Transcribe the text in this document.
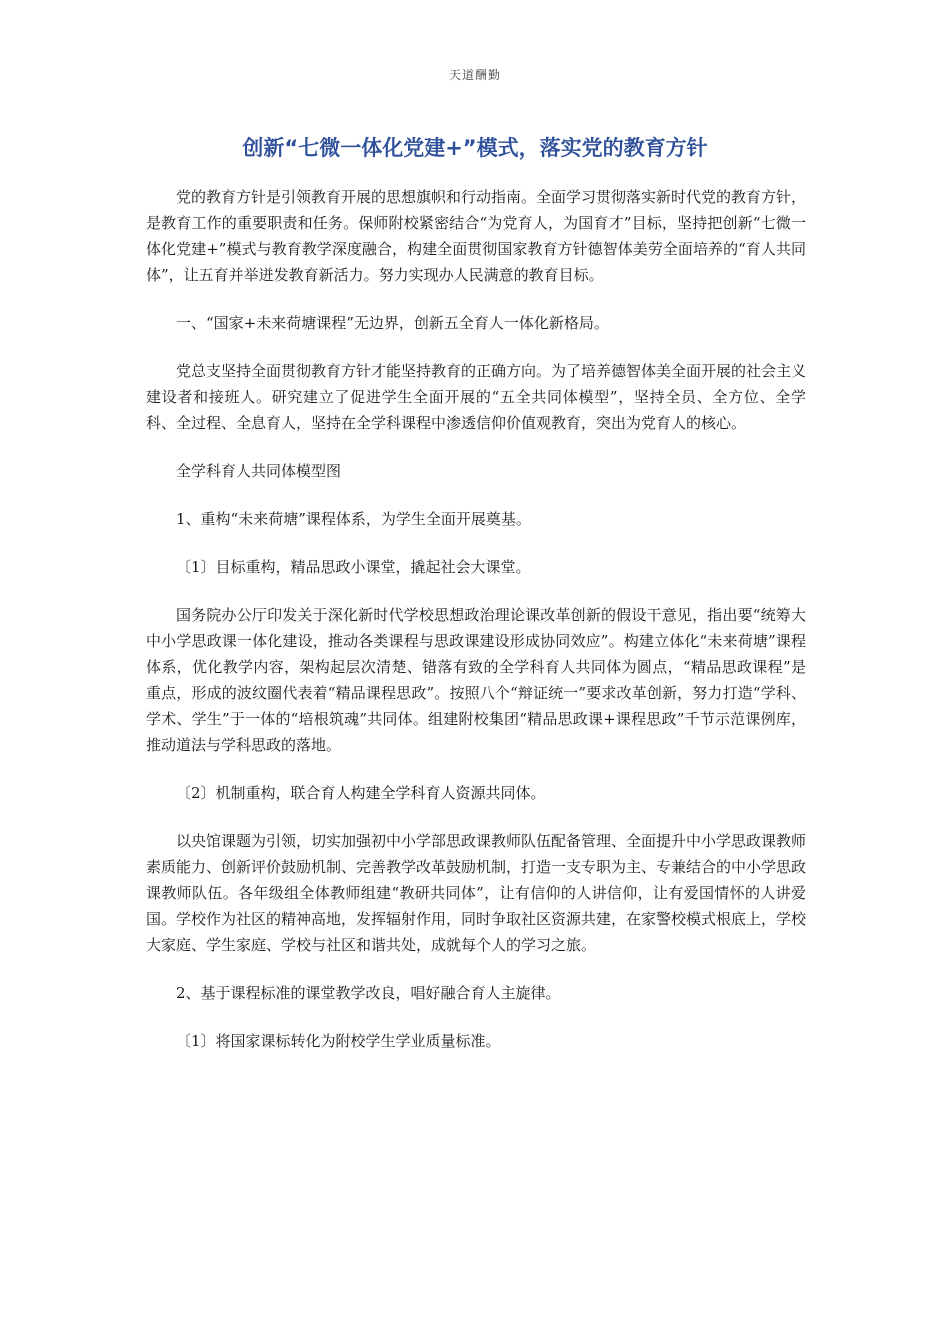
天道酬勤
创新“七微一体化党建+”模式，落实党的教育方针

党的教育方针是引领教育开展的思想旗帜和行动指南。全面学习贯彻落实新时代党的教育方针，是教育工作的重要职责和任务。保师附校紧密结合“为党育人，为国育才”目标，坚持把创新“七微一体化党建+”模式与教育教学深度融合，构建全面贯彻国家教育方针德智体美劳全面培养的“育人共同体”，让五育并举迸发教育新活力。努力实现办人民满意的教育目标。

一、“国家+未来荷塘课程”无边界，创新五全育人一体化新格局。

党总支坚持全面贯彻教育方针才能坚持教育的正确方向。为了培养德智体美全面开展的社会主义建设者和接班人。研究建立了促进学生全面开展的“五全共同体模型”，坚持全员、全方位、全学科、全过程、全息育人，坚持在全学科课程中渗透信仰价值观教育，突出为党育人的核心。

全学科育人共同体模型图

1、重构“未来荷塘”课程体系，为学生全面开展奠基。

〔1〕目标重构，精品思政小课堂，撬起社会大课堂。

国务院办公厅印发关于深化新时代学校思想政治理论课改革创新的假设干意见，指出要“统筹大中小学思政课一体化建设，推动各类课程与思政课建设形成协同效应”。构建立体化“未来荷塘”课程体系，优化教学内容，架构起层次清楚、错落有致的全学科育人共同体为圆点，“精品思政课程”是重点，形成的波纹圈代表着“精品课程思政”。按照八个“辩证统一”要求改革创新，努力打造“学科、学术、学生”于一体的“培根筑魂”共同体。组建附校集团“精品思政课+课程思政”千节示范课例库，推动道法与学科思政的落地。

〔2〕机制重构，联合育人构建全学科育人资源共同体。

以央馆课题为引领，切实加强初中小学部思政课教师队伍配备管理、全面提升中小学思政课教师素质能力、创新评价鼓励机制、完善教学改革鼓励机制，打造一支专职为主、专兼结合的中小学思政课教师队伍。各年级组全体教师组建“教研共同体”，让有信仰的人讲信仰，让有爱国情怀的人讲爱国。学校作为社区的精神高地，发挥辐射作用，同时争取社区资源共建，在家警校模式根底上，学校大家庭、学生家庭、学校与社区和谐共处，成就每个人的学习之旅。

2、基于课程标准的课堂教学改良，唱好融合育人主旋律。

〔1〕将国家课标转化为附校学生学业质量标准。
